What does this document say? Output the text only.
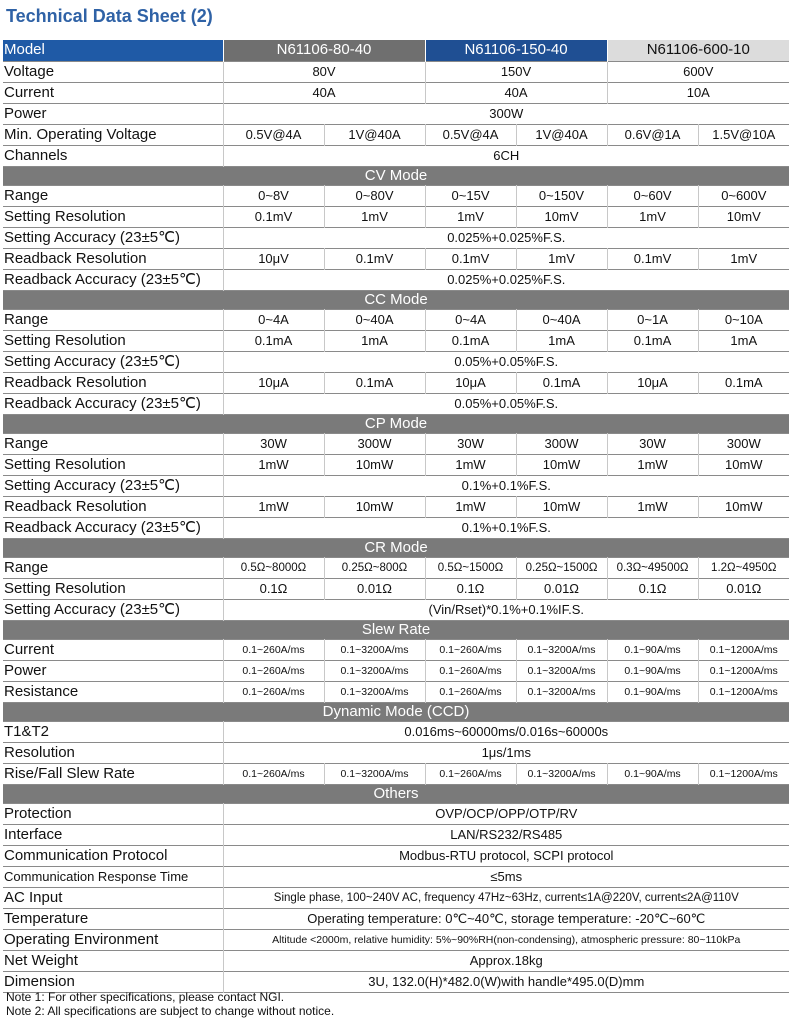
Technical Data Sheet (2)
Model	N61106-80-40		N61106-150-40		N61106-600-10	
Voltage	80V		150V		600V	
Current	40A		40A		10A	
Power	300W					
Min. Operating Voltage	0.5V@4A	1V@40A	0.5V@4A	1V@40A	0.6V@1A	1.5V@10A
Channels	6CH					
CV Mode						
Range	0~8V	0~80V	0~15V	0~150V	0~60V	0~600V
Setting Resolution	0.1mV	1mV	1mV	10mV	1mV	10mV
Setting Accuracy (23±5℃)	0.025%+0.025%F.S.					
Readback Resolution	10μV	0.1mV	0.1mV	1mV	0.1mV	1mV
Readback Accuracy (23±5℃)	0.025%+0.025%F.S.					
CC Mode						
Range	0~4A	0~40A	0~4A	0~40A	0~1A	0~10A
Setting Resolution	0.1mA	1mA	0.1mA	1mA	0.1mA	1mA
Setting Accuracy (23±5℃)	0.05%+0.05%F.S.					
Readback Resolution	10μA	0.1mA	10μA	0.1mA	10μA	0.1mA
Readback Accuracy (23±5℃)	0.05%+0.05%F.S.					
CP Mode						
Range	30W	300W	30W	300W	30W	300W
Setting Resolution	1mW	10mW	1mW	10mW	1mW	10mW
Setting Accuracy (23±5℃)	0.1%+0.1%F.S.					
Readback Resolution	1mW	10mW	1mW	10mW	1mW	10mW
Readback Accuracy (23±5℃)	0.1%+0.1%F.S.					
CR Mode						
Range	0.5Ω~8000Ω	0.25Ω~800Ω	0.5Ω~1500Ω	0.25Ω~1500Ω	0.3Ω~49500Ω	1.2Ω~4950Ω
Setting Resolution	0.1Ω	0.01Ω	0.1Ω	0.01Ω	0.1Ω	0.01Ω
Setting Accuracy (23±5℃)	(Vin/Rset)*0.1%+0.1%IF.S.					
Slew Rate						
Current	0.1~260A/ms	0.1~3200A/ms	0.1~260A/ms	0.1~3200A/ms	0.1~90A/ms	0.1~1200A/ms
Power	0.1~260A/ms	0.1~3200A/ms	0.1~260A/ms	0.1~3200A/ms	0.1~90A/ms	0.1~1200A/ms
Resistance	0.1~260A/ms	0.1~3200A/ms	0.1~260A/ms	0.1~3200A/ms	0.1~90A/ms	0.1~1200A/ms
Dynamic Mode (CCD)						
T1&T2	0.016ms~60000ms/0.016s~60000s					
Resolution	1μs/1ms					
Rise/Fall Slew Rate	0.1~260A/ms	0.1~3200A/ms	0.1~260A/ms	0.1~3200A/ms	0.1~90A/ms	0.1~1200A/ms
Others						
Protection	OVP/OCP/OPP/OTP/RV					
Interface	LAN/RS232/RS485					
Communication Protocol	Modbus-RTU protocol, SCPI protocol					
Communication Response Time	≤5ms					
AC Input	Single phase, 100~240V AC, frequency 47Hz~63Hz, current≤1A@220V, current≤2A@110V					
Temperature	Operating temperature: 0℃~40℃, storage temperature: -20℃~60℃					
Operating Environment	Altitude <2000m, relative humidity: 5%~90%RH(non-condensing), atmospheric pressure: 80~110kPa					
Net Weight	Approx.18kg					
Dimension	3U, 132.0(H)*482.0(W)with handle*495.0(D)mm					
Note 1: For other specifications, please contact NGI.
Note 2: All specifications are subject to change without notice.
